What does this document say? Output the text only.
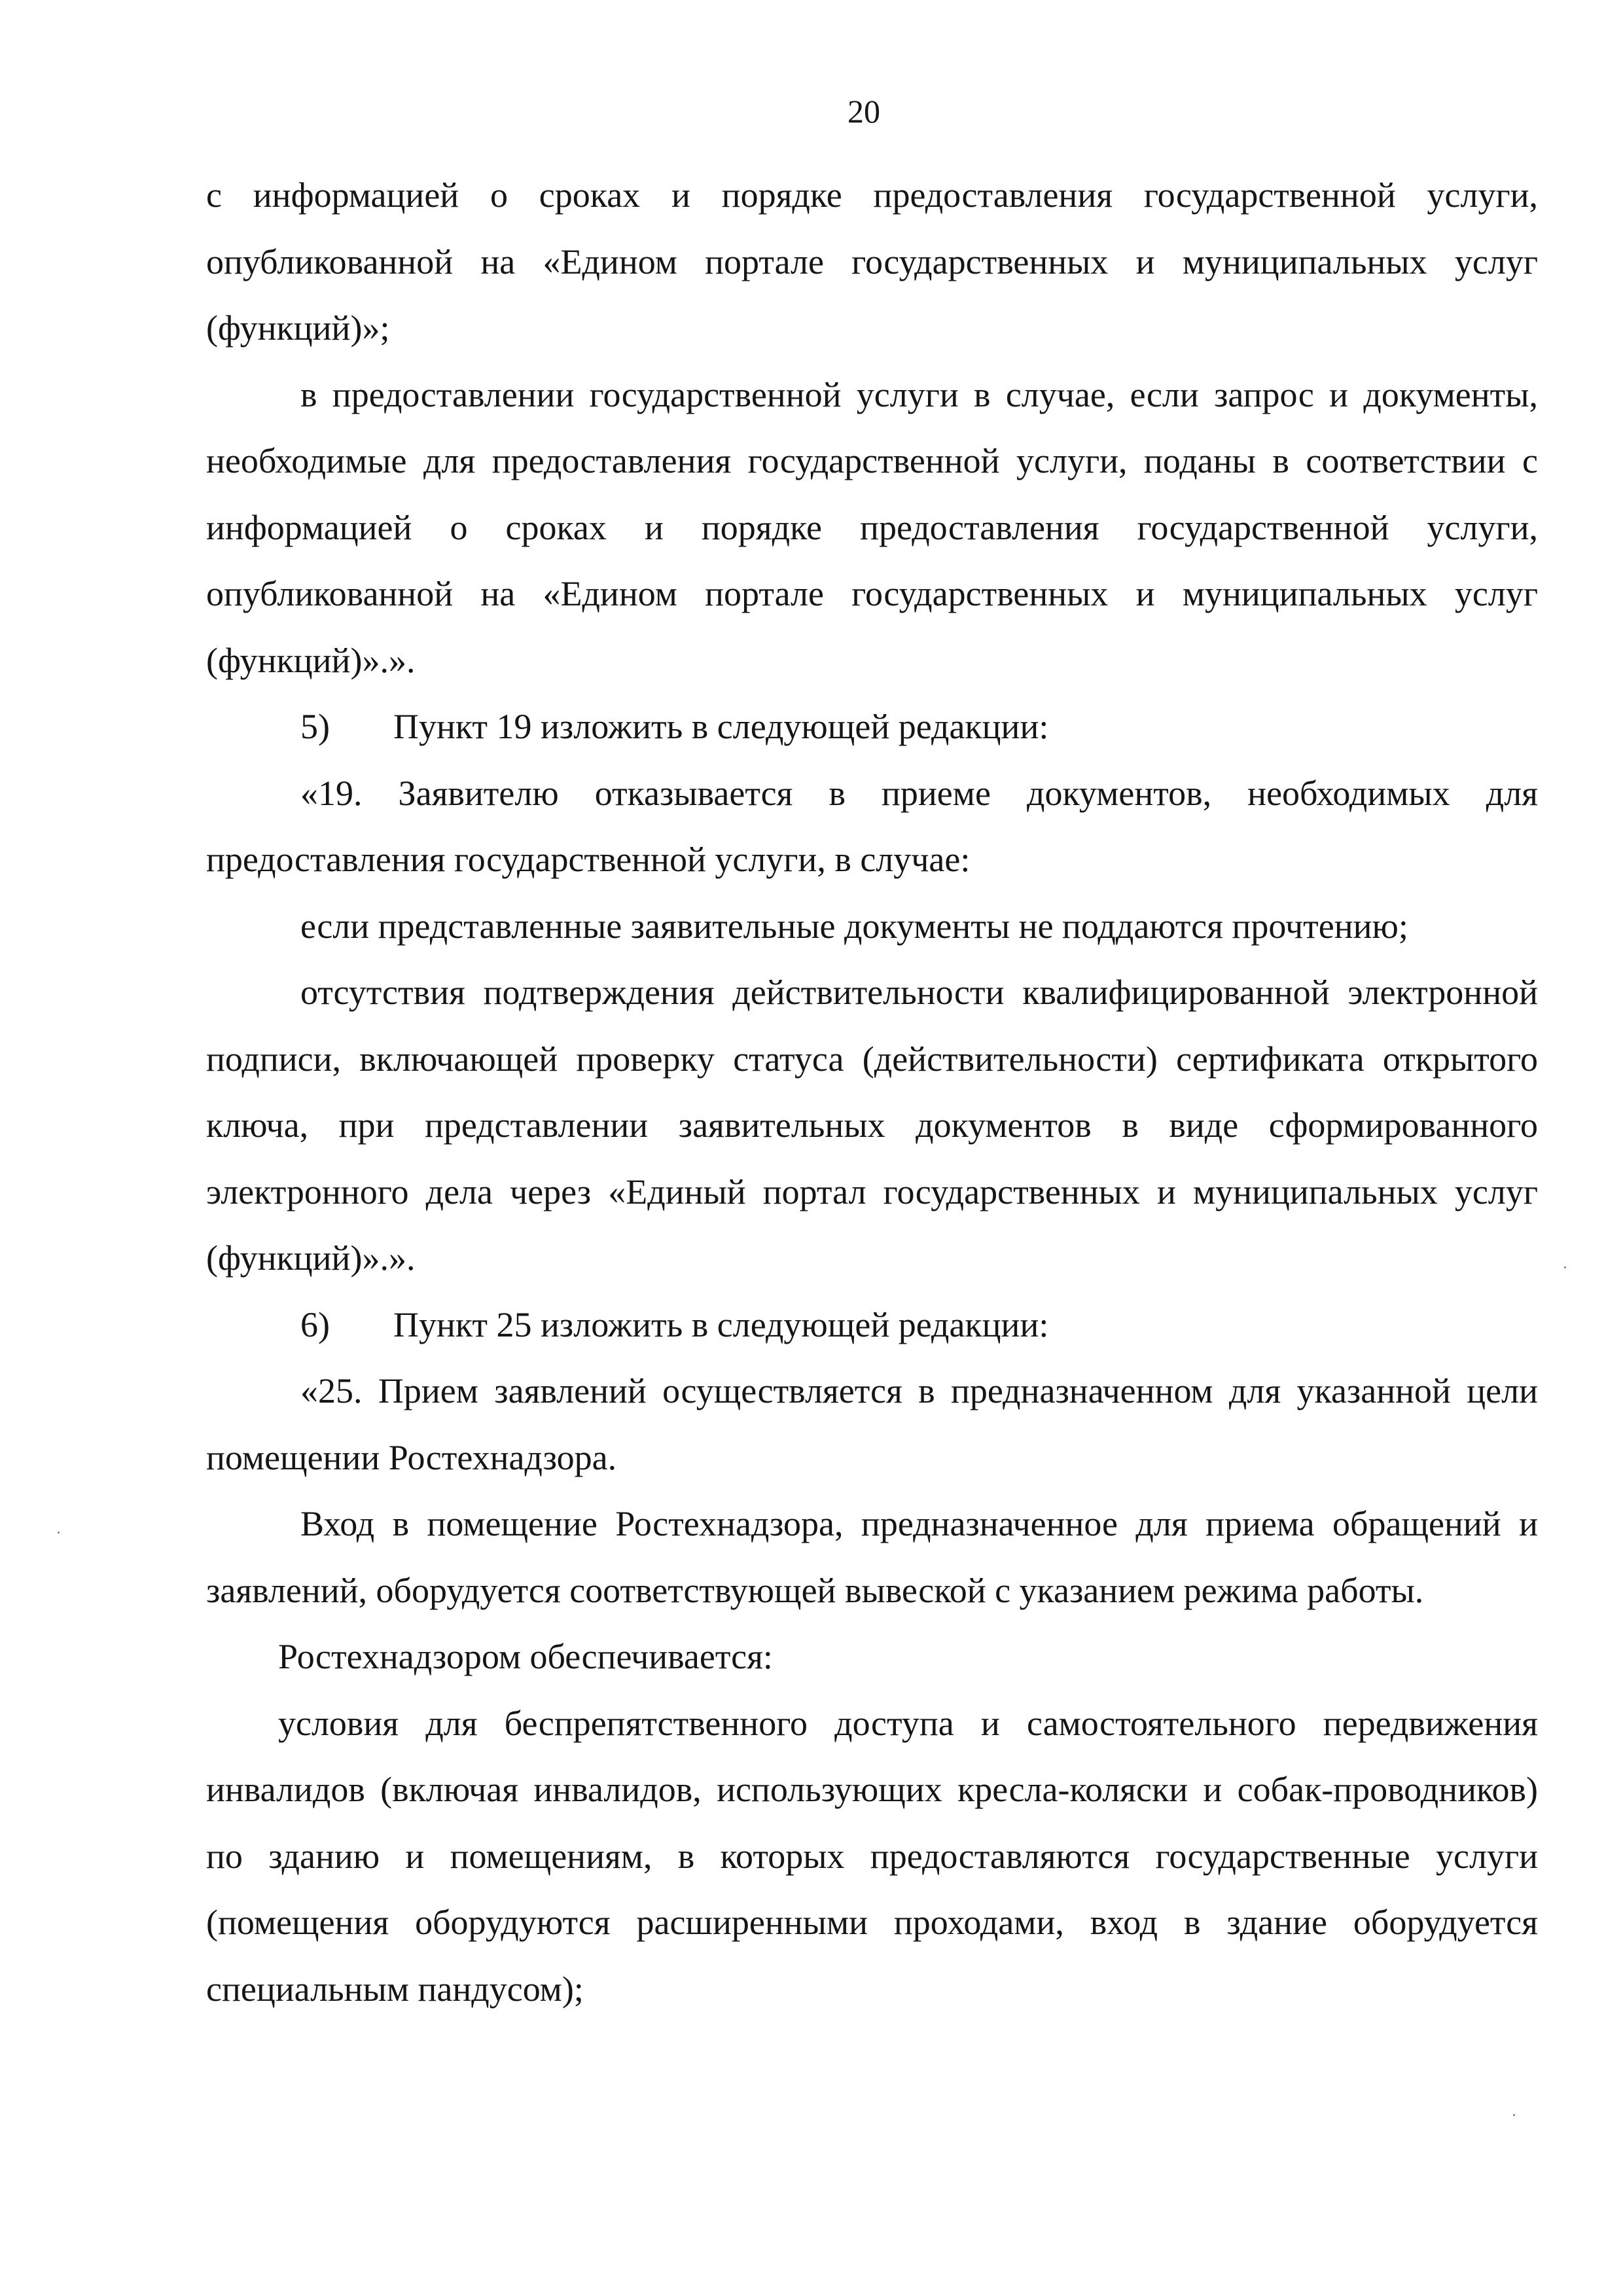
20

с информацией о сроках и порядке предоставления государственной услуги, опубликованной на «Едином портале государственных и муниципальных услуг (функций)»;

в предоставлении государственной услуги в случае, если запрос и документы, необходимые для предоставления государственной услуги, поданы в соответствии с информацией о сроках и порядке предоставления государственной услуги, опубликованной на «Едином портале государственных и муниципальных услуг (функций)».».

5) Пункт 19 изложить в следующей редакции:

«19. Заявителю отказывается в приеме документов, необходимых для предоставления государственной услуги, в случае:

если представленные заявительные документы не поддаются прочтению;

отсутствия подтверждения действительности квалифицированной электронной подписи, включающей проверку статуса (действительности) сертификата открытого ключа, при представлении заявительных документов в виде сформированного электронного дела через «Единый портал государственных и муниципальных услуг (функций)».».

6) Пункт 25 изложить в следующей редакции:

«25. Прием заявлений осуществляется в предназначенном для указанной цели помещении Ростехнадзора.

Вход в помещение Ростехнадзора, предназначенное для приема обращений и заявлений, оборудуется соответствующей вывеской с указанием режима работы.

Ростехнадзором обеспечивается:

условия для беспрепятственного доступа и самостоятельного передвижения инвалидов (включая инвалидов, использующих кресла-коляски и собак-проводников) по зданию и помещениям, в которых предоставляются государственные услуги (помещения оборудуются расширенными проходами, вход в здание оборудуется специальным пандусом);
